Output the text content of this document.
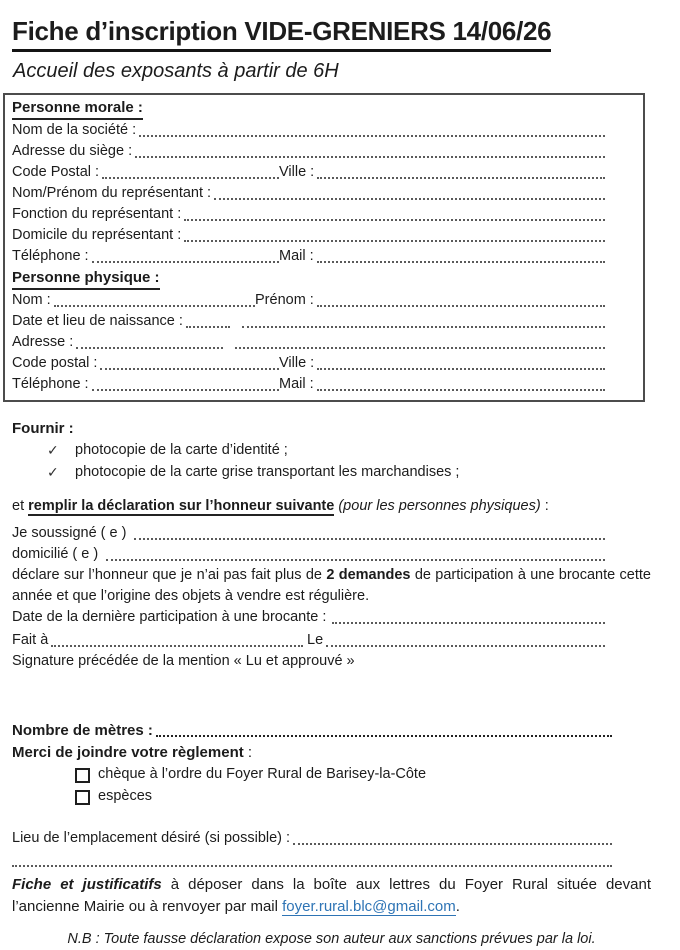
Fiche d’inscription VIDE-GRENIERS 14/06/26
Accueil des exposants à partir de 6H
Personne morale :
Nom de la société :
Adresse du siège :
Code Postal :	Ville :
Nom/Prénom du représentant :
Fonction du représentant :
Domicile du représentant :
Téléphone :	Mail :
Personne physique :
Nom :	Prénom :
Date et lieu de naissance :
Adresse :
Code postal :	Ville :
Téléphone :	Mail :
Fournir :
✓	photocopie de la carte d’identité ;
✓	photocopie de la carte grise transportant les marchandises ;
et remplir la déclaration sur l’honneur suivante (pour les personnes physiques) :
Je soussigné ( e )
domicilié ( e )
déclare sur l’honneur que je n’ai pas fait plus de 2 demandes de participation à une brocante cette année et que l’origine des objets à vendre est régulière.
Date de la dernière participation à une brocante :
Fait à	Le
Signature précédée de la mention « Lu et approuvé »
Nombre de mètres :
Merci de joindre votre règlement :
chèque à l’ordre du Foyer Rural de Barisey-la-Côte
espèces
Lieu de l’emplacement désiré (si possible) :
Fiche et justificatifs à déposer dans la boîte aux lettres du Foyer Rural située devant l’ancienne Mairie ou à renvoyer par mail foyer.rural.blc@gmail.com.
N.B : Toute fausse déclaration expose son auteur aux sanctions prévues par la loi.
